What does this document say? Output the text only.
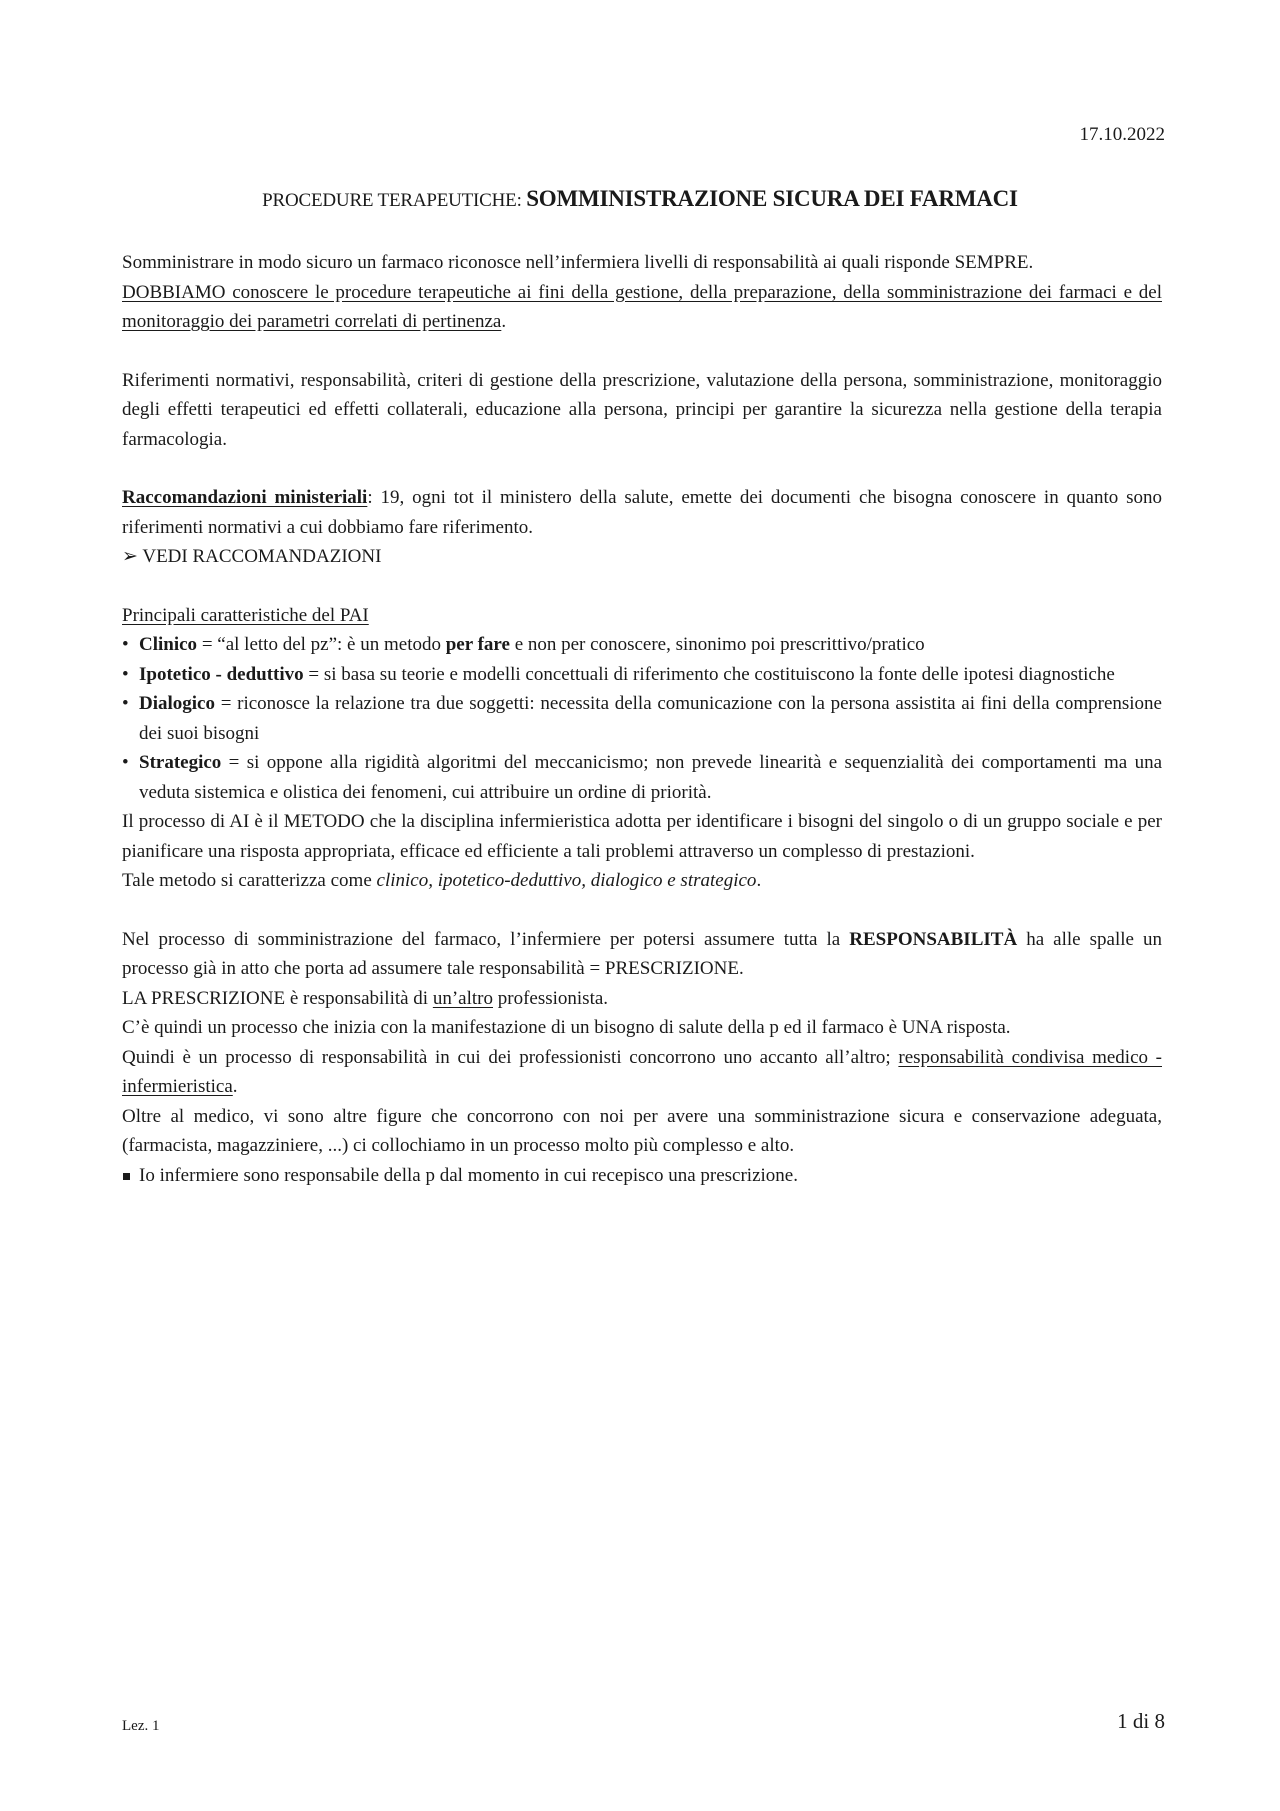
17.10.2022
PROCEDURE TERAPEUTICHE: SOMMINISTRAZIONE SICURA DEI FARMACI

Somministrare in modo sicuro un farmaco riconosce nell’infermiera livelli di responsabilità ai quali risponde SEMPRE.

DOBBIAMO conoscere le procedure terapeutiche ai fini della gestione, della preparazione, della somministrazione dei farmaci e del monitoraggio dei parametri correlati di pertinenza.

Riferimenti normativi, responsabilità, criteri di gestione della prescrizione, valutazione della persona, somministrazione, monitoraggio degli effetti terapeutici ed effetti collaterali, educazione alla persona, principi per garantire la sicurezza nella gestione della terapia farmacologia.

Raccomandazioni ministeriali: 19, ogni tot il ministero della salute, emette dei documenti che bisogna conoscere in quanto sono riferimenti normativi a cui dobbiamo fare riferimento.

➢ VEDI RACCOMANDAZIONI

Principali caratteristiche del PAI

• Clinico = “al letto del pz”: è un metodo per fare e non per conoscere, sinonimo poi prescrittivo/pratico
• Ipotetico - deduttivo = si basa su teorie e modelli concettuali di riferimento che costituiscono la fonte delle ipotesi diagnostiche
• Dialogico = riconosce la relazione tra due soggetti: necessita della comunicazione con la persona assistita ai fini della comprensione dei suoi bisogni
• Strategico = si oppone alla rigidità algoritmi del meccanicismo; non prevede linearità e sequenzialità dei comportamenti ma una veduta sistemica e olistica dei fenomeni, cui attribuire un ordine di priorità.

Il processo di AI è il METODO che la disciplina infermieristica adotta per identificare i bisogni del singolo o di un gruppo sociale e per pianificare una risposta appropriata, efficace ed efficiente a tali problemi attraverso un complesso di prestazioni.

Tale metodo si caratterizza come clinico, ipotetico-deduttivo, dialogico e strategico.

Nel processo di somministrazione del farmaco, l’infermiere per potersi assumere tutta la RESPONSABILITÀ ha alle spalle un processo già in atto che porta ad assumere tale responsabilità = PRESCRIZIONE.

LA PRESCRIZIONE è responsabilità di un’altro professionista.

C’è quindi un processo che inizia con la manifestazione di un bisogno di salute della p ed il farmaco è UNA risposta.

Quindi è un processo di responsabilità in cui dei professionisti concorrono uno accanto all’altro; responsabilità condivisa medico - infermieristica.

Oltre al medico, vi sono altre figure che concorrono con noi per avere una somministrazione sicura e conservazione adeguata, (farmacista, magazziniere, ...) ci collochiamo in un processo molto più complesso e alto.

Io infermiere sono responsabile della p dal momento in cui recepisco una prescrizione.

Lez. 1	1 di 8
